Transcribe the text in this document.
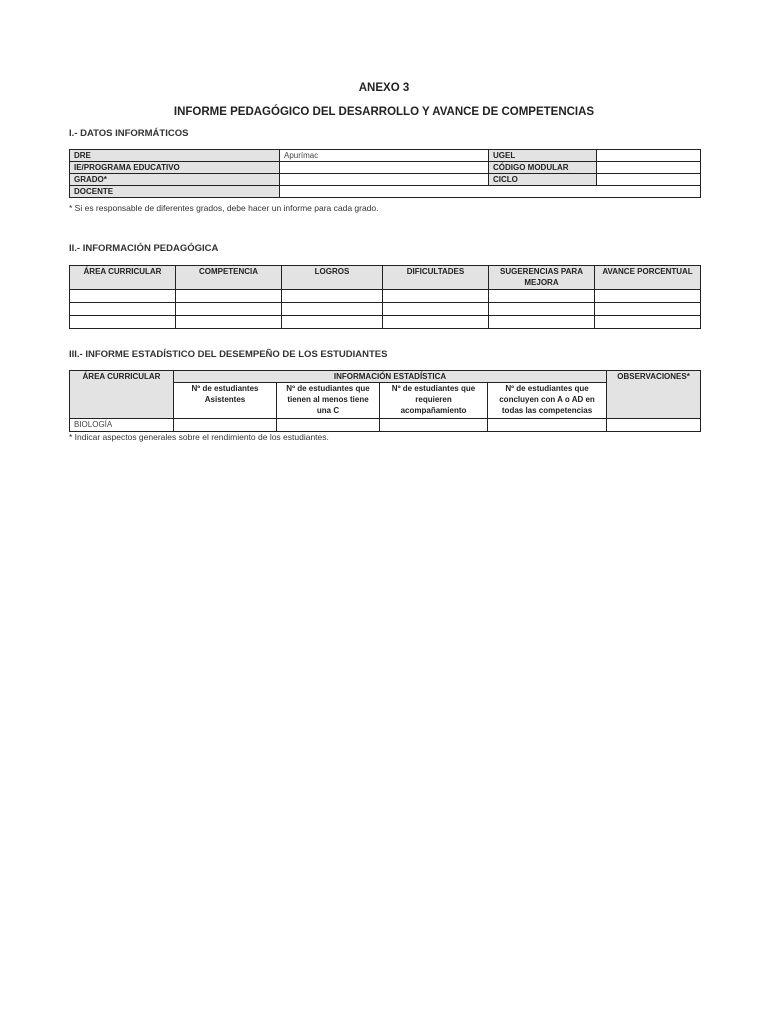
ANEXO 3
INFORME PEDAGÓGICO DEL DESARROLLO Y AVANCE DE COMPETENCIAS
I.- DATOS INFORMÁTICOS
DRE	Apurímac	UGEL	
IE/PROGRAMA EDUCATIVO		CÓDIGO MODULAR	
GRADO*		CICLO	
DOCENTE			
* Si es responsable de diferentes grados, debe hacer un informe para cada grado.
II.- INFORMACIÓN PEDAGÓGICA
ÁREA CURRICULAR	COMPETENCIA	LOGROS	DIFICULTADES	SUGERENCIAS PARA MEJORA	AVANCE PORCENTUAL

III.- INFORME ESTADÍSTICO DEL DESEMPEÑO DE LOS ESTUDIANTES
ÁREA CURRICULAR	INFORMACIÓN ESTADÍSTICA				OBSERVACIONES*
	Nº de estudiantes Asistentes	Nº de estudiantes que tienen al menos tiene una C	Nº de estudiantes que requieren acompañamiento	Nº de estudiantes que concluyen con A o AD en todas las competencias	
BIOLOGÍA					
* Indicar aspectos generales sobre el rendimiento de los estudiantes.
